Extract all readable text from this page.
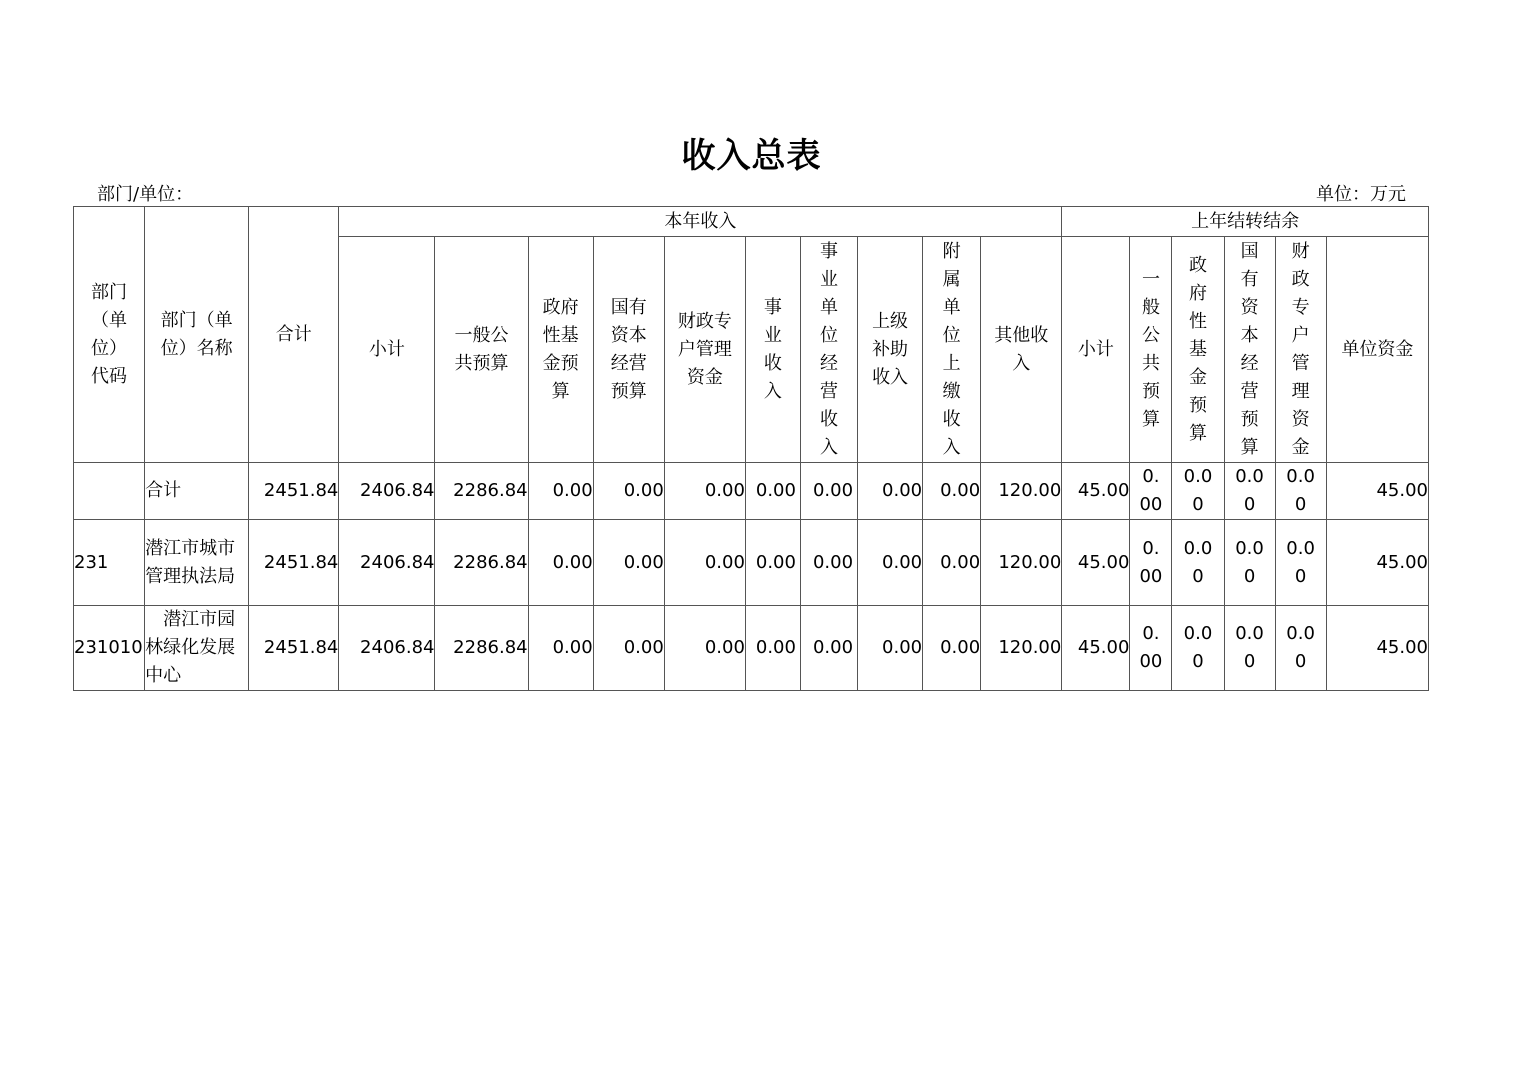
收入总表
部门/单位：	单位：万元
部门（单位）代码	部门（单位）名称	合计	本年收入										上年结转结余					
			小计	一般公共预算	政府性基金预算	国有资本经营预算	财政专户管理资金	事业收入	事业单位经营收入	上级补助收入	附属单位上缴收入	其他收入	小计	一般公共预算	政府性基金预算	国有资本经营预算	财政专户管理资金	单位资金
	合计	2451.84	2406.84	2286.84	0.00	0.00	0.00	0.00	0.00	0.00	0.00	120.00	45.00	0.00	0.00	0.00	0.00	45.00
231	潜江市城市管理执法局	2451.84	2406.84	2286.84	0.00	0.00	0.00	0.00	0.00	0.00	0.00	120.00	45.00	0.00	0.00	0.00	0.00	45.00
231010	潜江市园林绿化发展中心	2451.84	2406.84	2286.84	0.00	0.00	0.00	0.00	0.00	0.00	0.00	120.00	45.00	0.00	0.00	0.00	0.00	45.00
